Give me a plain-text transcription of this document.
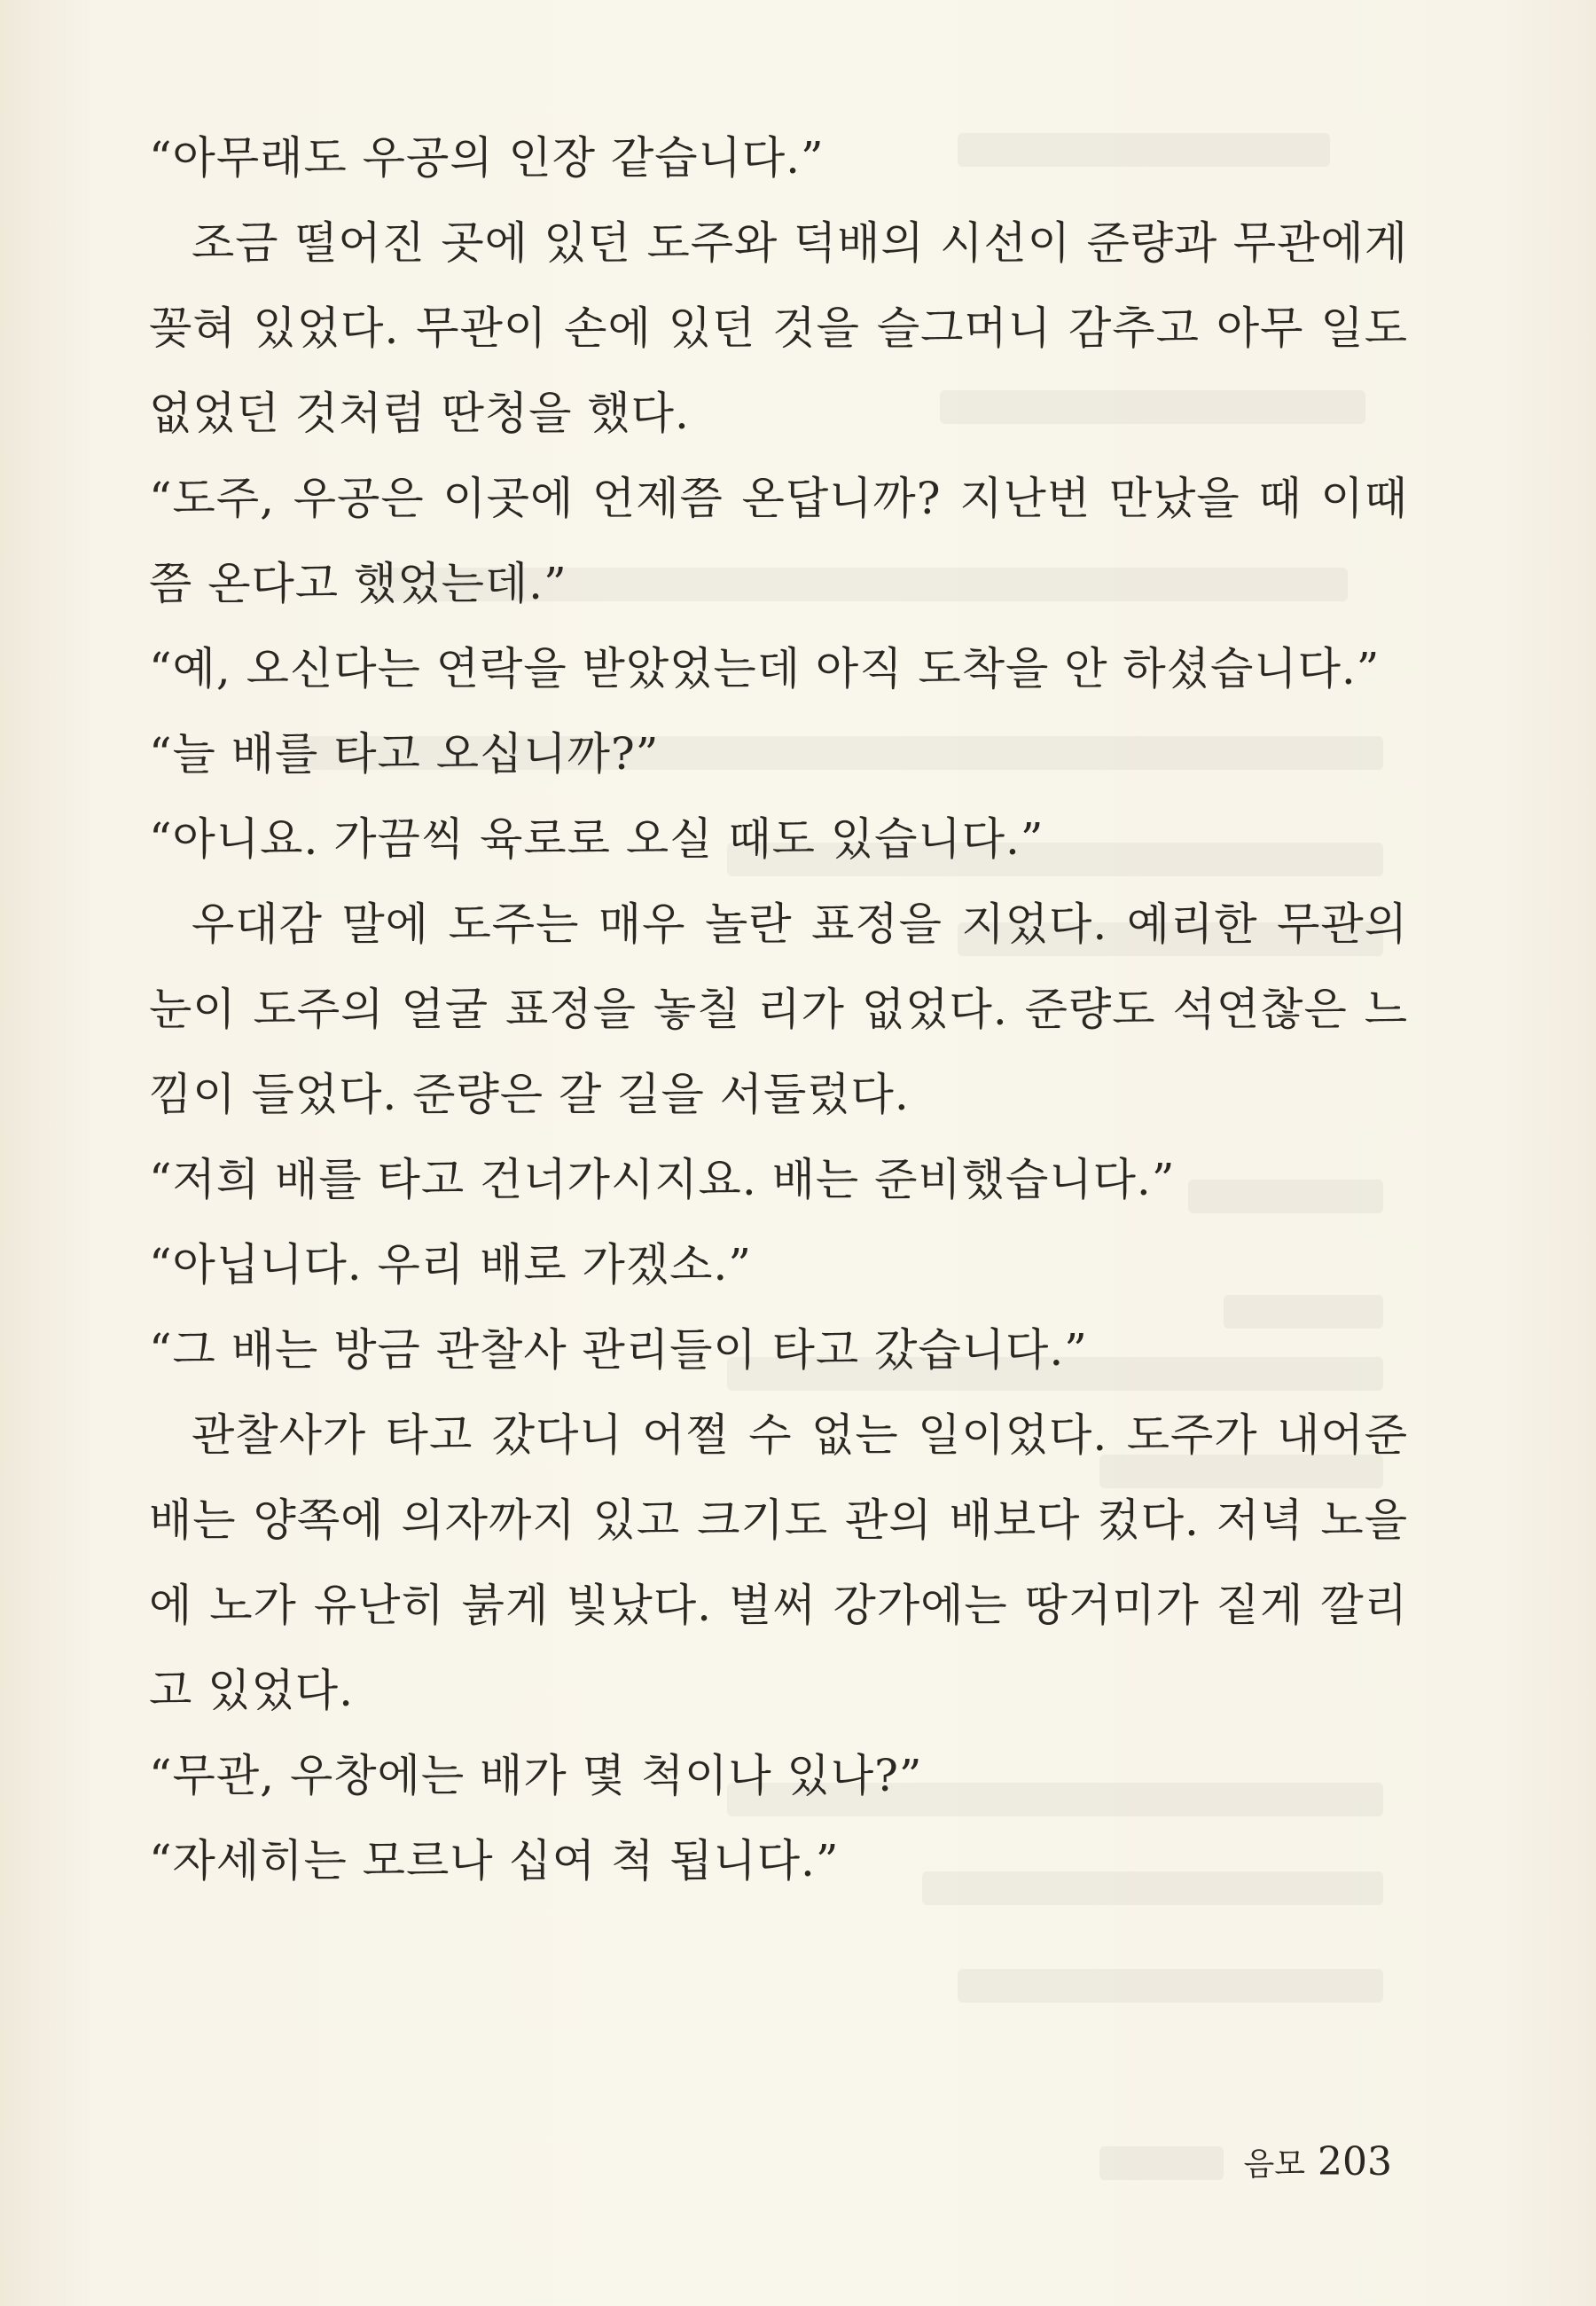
“아무래도 우공의 인장 같습니다.”

조금 떨어진 곳에 있던 도주와 덕배의 시선이 준량과 무관에게 꽂혀 있었다. 무관이 손에 있던 것을 슬그머니 감추고 아무 일도 없었던 것처럼 딴청을 했다.

“도주, 우공은 이곳에 언제쯤 온답니까? 지난번 만났을 때 이때쯤 온다고 했었는데.”

“예, 오신다는 연락을 받았었는데 아직 도착을 안 하셨습니다.”

“늘 배를 타고 오십니까?”

“아니요. 가끔씩 육로로 오실 때도 있습니다.”

우대감 말에 도주는 매우 놀란 표정을 지었다. 예리한 무관의 눈이 도주의 얼굴 표정을 놓칠 리가 없었다. 준량도 석연찮은 느낌이 들었다. 준량은 갈 길을 서둘렀다.

“저희 배를 타고 건너가시지요. 배는 준비했습니다.”

“아닙니다. 우리 배로 가겠소.”

“그 배는 방금 관찰사 관리들이 타고 갔습니다.”

관찰사가 타고 갔다니 어쩔 수 없는 일이었다. 도주가 내어준 배는 양쪽에 의자까지 있고 크기도 관의 배보다 컸다. 저녁 노을에 노가 유난히 붉게 빛났다. 벌써 강가에는 땅거미가 짙게 깔리고 있었다.

“무관, 우창에는 배가 몇 척이나 있나?”

“자세히는 모르나 십여 척 됩니다.”

음모 203
